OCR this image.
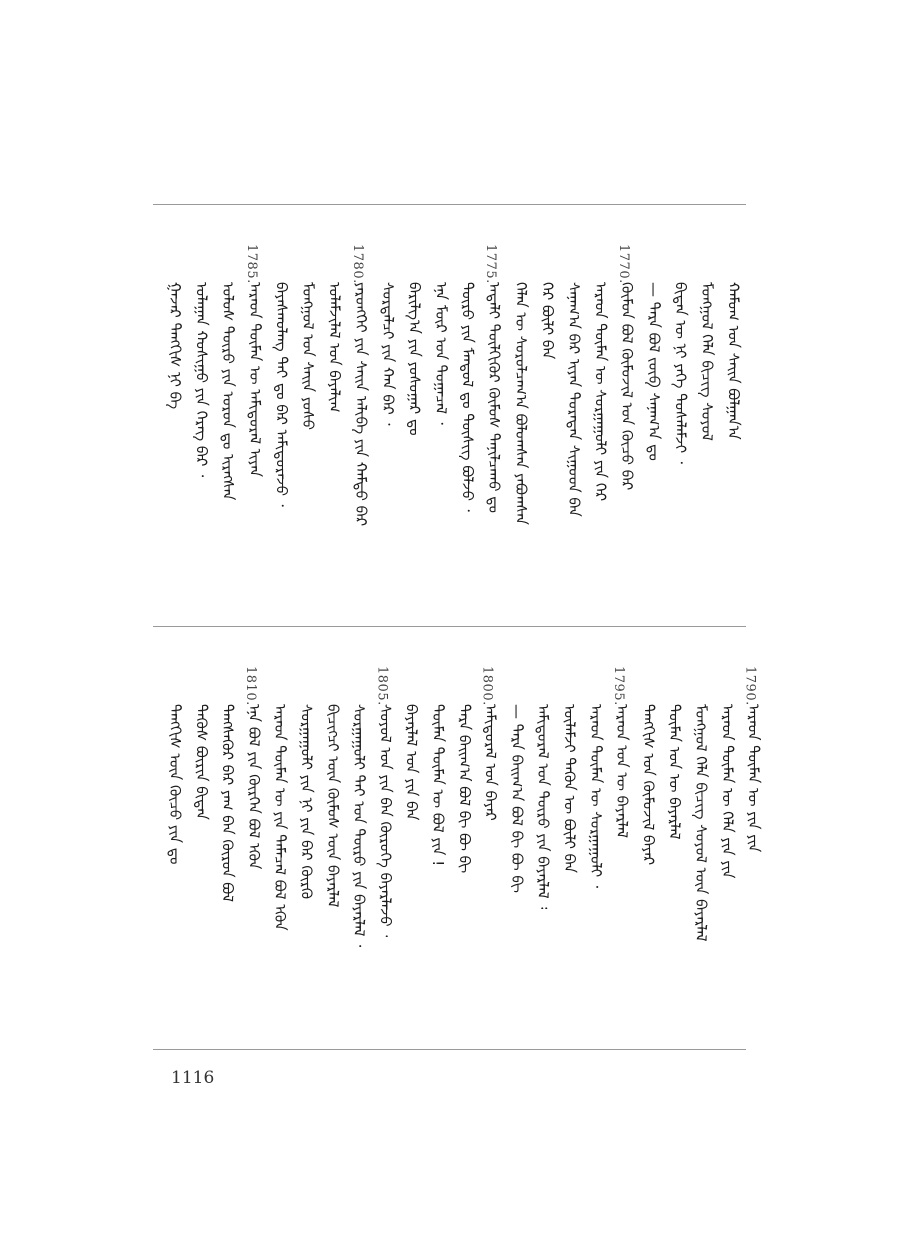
ᠭᠠᠵᠠᠷ ᠲᠡᠩᠭᠢᠰ ᠨᠢ ᠪᠠ ᠤᠯᠠᠭᠠᠨ ᠬᠣᠰᠢᠭᠤ ᠶᠢᠨ ᠬᠡᠷᠡᠭ ᠪᠡᠷ ᠂ ᠤᠯᠤᠰ ᠲᠦᠷᠦ ᠶᠢᠨ ᠣᠷᠣᠨ ᠳᠤ ᠢᠷᠡᠭᠰᠡᠨ
1785.
ᠠᠷᠠᠳ ᠲᠦᠮᠡᠨ ᠦ ᠠᠮᠢᠳᠤᠷᠠᠯ ᠢᠶᠠᠨ ᠪᠠᠶᠠᠰᠬᠤᠯᠠᠩ ᠲᠠᠢ ᠳᠤ ᠪᠠᠷ ᠠᠮᠢᠳᠤᠷᠠᠵᠤ ᠂ ᠮᠣᠩᠭᠣᠯ ᠤᠨ ᠰᠠᠢᠨ ᠶᠣᠰᠣ ᠤᠯᠠᠮᠵᠢᠯᠠᠯ ᠤᠨ ᠪᠠᠶᠠᠯᠢᠭ
1780.
ᠶᠡᠷᠦᠩᠬᠡᠢ ᠶᠢᠨ ᠰᠠᠢᠨ ᠠᠯᠢᠪᠠ ᠶᠢᠨ ᠬᠠᠮᠲᠤ ᠪᠡᠷ ᠰᠤᠷᠲᠠᠯᠴᠢ ᠶᠢᠨ ᠬᠠᠨ ᠪᠠᠷ ᠂ ᠪᠠᠷᠢᠯᠭ᠎ᠠ ᠶᠢᠨ ᠶᠣᠰᠣᠭᠠᠷ ᠳᠤ ᠡᠨᠡ ᠮᠦᠷ ᠤᠨ ᠲᠣᠭᠠᠴᠠᠯ ᠂ ᠲᠦᠷᠦ ᠶᠢᠨ ᠮᠠᠨᠳᠤᠯ ᠳᠤ ᠲᠦᠰᠢᠭ ᠪᠣᠯᠵᠤ ᠂
1775.
ᠠᠳᠠᠯᠢ ᠲᠦᠯᠬᠢᠭᠦᠷ ᠬᠦᠮᠦᠰ ᠲᠠᠨᠢᠯᠴᠠᠬᠤ ᠳᠤ ᠬᠡᠯᠡᠨ ᠦ ᠰᠤᠷᠤᠯᠴᠠᠭ᠎ᠠ ᠪᠣᠯᠤᠭᠰᠠᠨ ᠶᠠᠪᠤᠭᠰᠠᠨ ᠭᠡᠷ ᠪᠦᠯᠢ ᠪᠡᠨ ᠰᠠᠨᠠᠭ᠎ᠠ ᠪᠠᠷ ᠢᠶᠠᠨ ᠳᠤᠷᠠᠳᠠᠨ ᠰᠢᠭᠤᠳ ᠪᠡᠨ ᠠᠷᠠᠳ ᠲᠦᠮᠡᠨ ᠦ ᠰᠤᠷᠭᠠᠭᠤᠯᠢ ᠶᠢᠨ ᠭᠡᠷ
1770.
ᠬᠦᠮᠦᠨ ᠪᠣᠯ ᠬᠦᠮᠦᠵᠢᠯ ᠤᠨ ᠬᠦᠴᠦ ᠪᠠᠷ — ᠲᠡᠷᠡ ᠪᠣᠯ ᠵᠦᠪ ᠰᠠᠨᠠᠭ᠎ᠠ ᠳᠤ ᠪᠢᠳᠡᠨ ᠦ ᠨᠢ ᠶᠡᠬᠡ ᠲᠤᠰᠠᠯᠠᠮᠵᠢ ᠂ ᠮᠣᠩᠭᠣᠯ ᠬᠡᠯᠡ ᠪᠢᠴᠢᠭ ᠰᠣᠶᠣᠯ ᠬᠠᠮᠤᠭ ᠤᠨ ᠰᠠᠢᠨ ᠪᠣᠯᠭᠠᠨ᠎ᠠ
ᠲᠡᠩᠭᠢᠰ ᠦᠨ ᠬᠦᠴᠦ ᠶᠢᠨ ᠳᠤ ᠲᠡᠭᠦᠰ ᠪᠦᠷᠢᠨ ᠪᠢᠳᠡᠨ ᠲᠡᠩᠰᠡᠭᠦᠷ ᠪᠡᠷ ᠶᠠᠭ ᠪᠠᠨ ᠬᠦᠷᠦᠨ ᠪᠣᠯ
1810.
ᠡᠨᠡ ᠪᠣᠯ ᠶᠢᠨ ᠬᠦᠷᠭᠡᠨ ᠪᠣᠯ ᠡᠭᠦᠨ ᠠᠷᠠᠳ ᠲᠦᠮᠡᠨ ᠦ ᠶᠢᠨ ᠲᠡᠮᠡᠴᠡᠯ ᠪᠣᠯ ᠡᠭᠦᠨ ᠰᠤᠷᠭᠠᠭᠤᠯᠢ ᠶᠢᠨ ᠨᠢ ᠶᠢᠨ ᠪᠠᠷ ᠬᠦᠷᠬᠦ ᠪᠢᠴᠢᠭᠴᠢ ᠦᠨ ᠬᠦᠮᠦᠰ ᠦᠨ ᠪᠠᠶᠠᠷᠯᠠᠯ ᠰᠤᠷᠭᠠᠭᠤᠯᠢ ᠲᠠᠢ ᠤᠨ ᠲᠦᠷᠦ ᠶᠢᠨ ᠪᠠᠶᠠᠷᠯᠠᠯ ᠂
1805.
ᠰᠣᠶᠣᠯ ᠤᠨ ᠶᠢᠨ ᠪᠠᠨ ᠬᠦᠷᠦᠭᠡ ᠪᠠᠶᠠᠷᠯᠠᠵᠤ ᠂ ᠪᠠᠶᠠᠷᠯᠠᠯ ᠤᠨ ᠶᠢᠨ ᠪᠠᠨ ᠲᠦᠮᠡᠨ ᠲᠦᠮᠡᠨ ᠦ ᠪᠣᠯ ᠶᠢᠨ ! ᠲᠡᠷᠡ ᠪᠠᠢᠭ᠎ᠠ ᠪᠣᠯ ᠪᠢ ᠪᠦ ᠪᠢ
1800.
ᠠᠮᠢᠳᠤᠷᠠᠯ ᠤᠨ ᠪᠠᠶᠠᠷ — ᠲᠡᠷᠡ ᠪᠠᠢᠭ᠎ᠠ ᠪᠣᠯ ᠪᠢ ᠪᠦ ᠪᠢ ᠠᠮᠢᠳᠤᠷᠠᠯ ᠤᠨ ᠲᠦᠷᠦ ᠶᠢᠨ ᠪᠠᠶᠠᠷᠯᠠᠯ ᠄ ᠦᠯᠡᠮᠵᠢ ᠲᠡᠭᠦᠨ ᠦ ᠪᠦᠯᠢ ᠪᠡᠨ ᠠᠷᠠᠳ ᠲᠦᠮᠡᠨ ᠦ ᠰᠤᠷᠭᠠᠭᠤᠯᠢ ᠂
1795.
ᠠᠷᠠᠳ ᠤᠨ ᠦ ᠪᠠᠶᠠᠷᠯᠠᠯ ᠲᠡᠩᠭᠢᠰ ᠤᠨ ᠬᠦᠮᠦᠵᠢᠯ ᠪᠠᠶᠠᠷ ᠲᠦᠮᠡᠨ ᠤᠨ ᠦ ᠪᠠᠶᠠᠷᠯᠠᠯ ᠮᠣᠩᠭᠣᠯ ᠬᠡᠯᠡ ᠪᠢᠴᠢᠭ ᠰᠣᠶᠣᠯ ᠦᠨ ᠪᠠᠶᠠᠷᠯᠠᠯ ᠠᠷᠠᠳ ᠲᠦᠮᠡᠨ ᠦ ᠬᠡᠯᠡ ᠶᠢᠨ ᠶᠢᠨ
1790.
ᠠᠷᠠᠳ ᠲᠦᠮᠡᠨ ᠦ ᠶᠢᠨ ᠶᠢᠨ
1116
